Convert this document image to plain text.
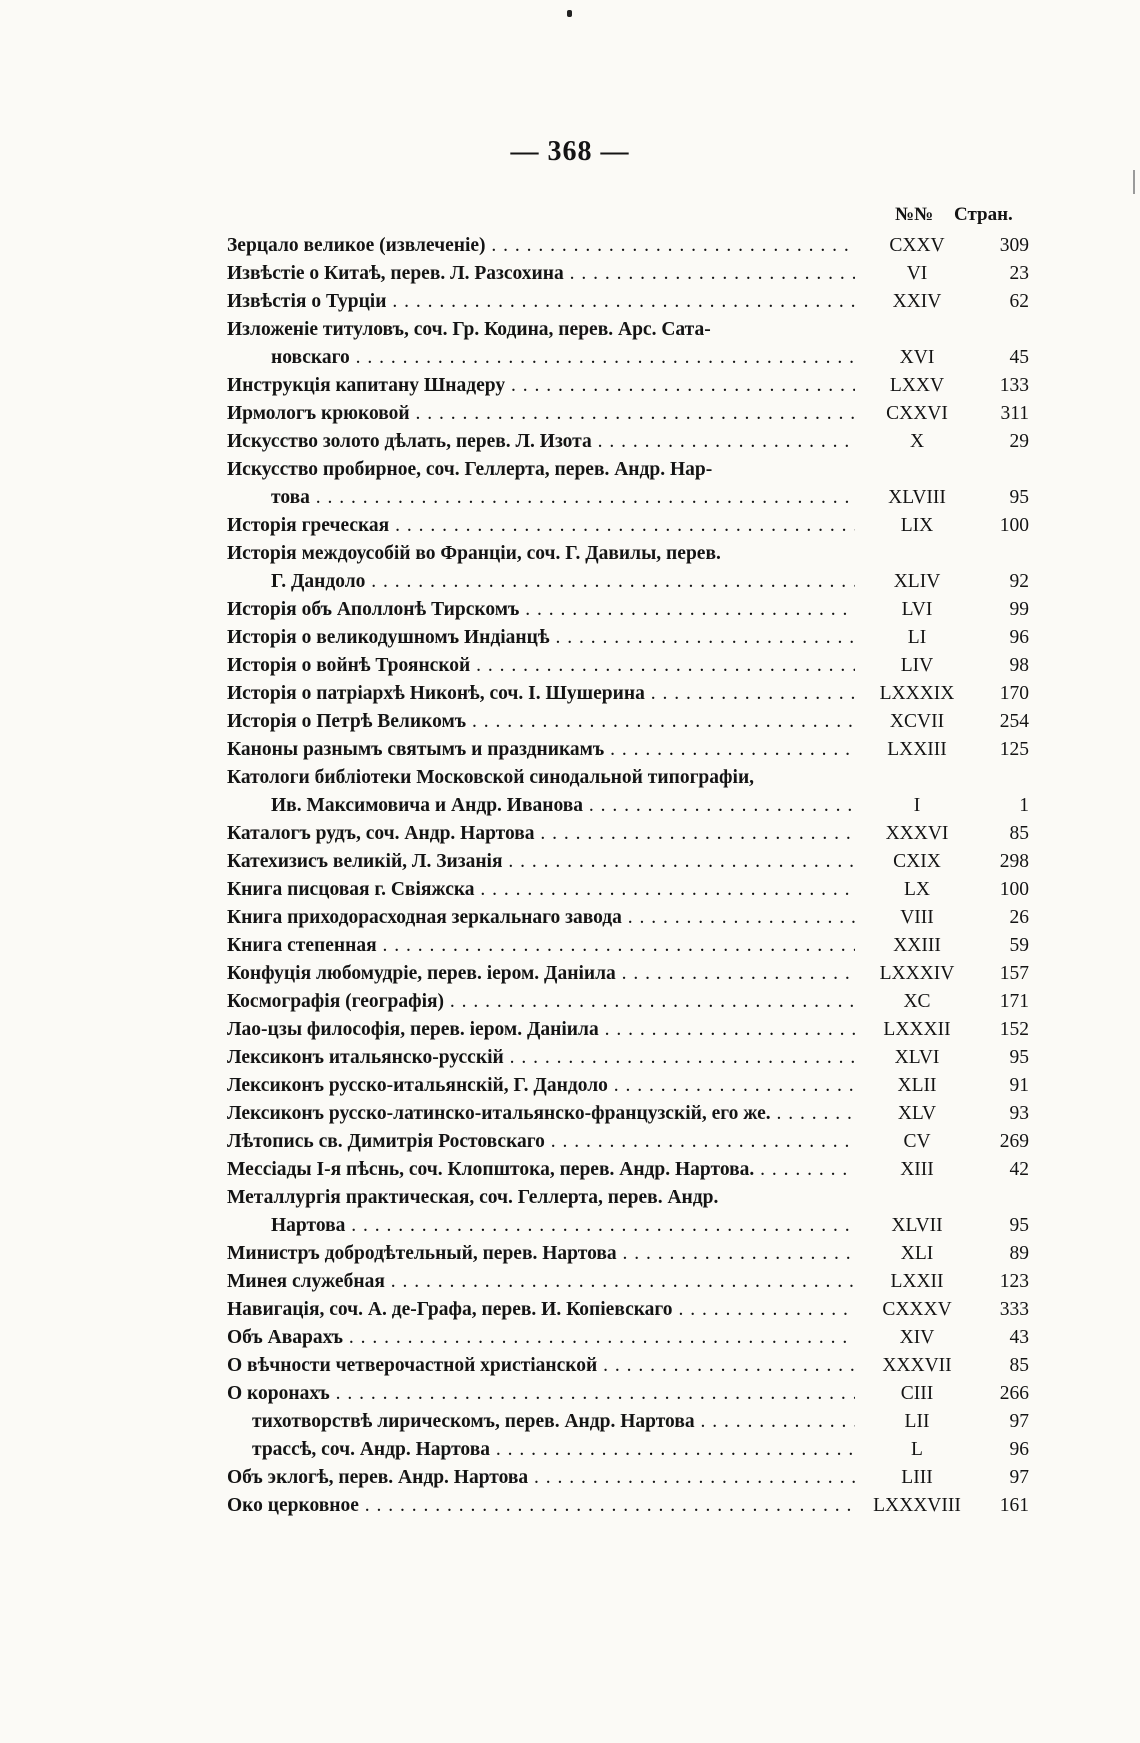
— 368 —
№№ Стран.
Зерцало великое (извлеченіе) . . .	CXXV	309
Извѣстіе о Китаѣ, перев. Л. Разсохина . . .	VI	23
Извѣстія о Турціи . . .	XXIV	62
Изложеніе титуловъ, соч. Гр. Кодина, перев. Арс. Сата-
новскаго . . .	XVI	45
Инструкція капитану Шнадеру . . .	LXXV	133
Ирмологъ крюковой . . .	CXXVI	311
Искусство золото дѣлать, перев. Л. Изота . . .	X	29
Искусство пробирное, соч. Геллерта, перев. Андр. Нар-
това . . .	XLVIII	95
Исторія греческая . . .	LIX	100
Исторія междоусобій во Франціи, соч. Г. Давилы, перев.
Г. Дандоло . . .	XLIV	92
Исторія объ Аполлонѣ Тирскомъ . . .	LVI	99
Исторія о великодушномъ Индіанцѣ . . .	LI	96
Исторія о войнѣ Троянской . . .	LIV	98
Исторія о патріархѣ Никонѣ, соч. І. Шушерина . . .	LXXXIX	170
Исторія о Петрѣ Великомъ . . .	XCVII	254
Каноны разнымъ святымъ и праздникамъ . . .	LXXIII	125
Катологи библіотеки Московской синодальной типографіи,
Ив. Максимовича и Андр. Иванова . . .	I	1
Каталогъ рудъ, соч. Андр. Нартова . . .	XXXVI	85
Катехизисъ великій, Л. Зизанія . . .	CXIX	298
Книга писцовая г. Свіяжска . . .	LX	100
Книга приходорасходная зеркальнаго завода . . .	VIII	26
Книга степенная . . .	XXIII	59
Конфуція любомудріе, перев. іером. Даніила . . .	LXXXIV	157
Космографія (географія) . . .	XC	171
Лао-цзы философія, перев. іером. Даніила . . .	LXXXII	152
Лексиконъ итальянско-русскій . . .	XLVI	95
Лексиконъ русско-итальянскій, Г. Дандоло . . .	XLII	91
Лексиконъ русско-латинско-итальянско-французскій, его же. . . .	XLV	93
Лѣтопись св. Димитрія Ростовскаго . . .	CV	269
Мессіады І-я пѣснь, соч. Клопштока, перев. Андр. Нартова. . . .	XIII	42
Металлургія практическая, соч. Геллерта, перев. Андр.
Нартова . . .	XLVII	95
Министръ добродѣтельный, перев. Нартова . . .	XLI	89
Минея служебная . . .	LXXII	123
Навигація, соч. А. де-Графа, перев. И. Копіевскаго . . .	CXXXV	333
Объ Аварахъ . . .	XIV	43
О вѣчности четверочастной христіанской . . .	XXXVII	85
О коронахъ . . .	CIII	266
тихотворствѣ лирическомъ, перев. Андр. Нартова . . .	LII	97
трассѣ, соч. Андр. Нартова . . .	L	96
Объ эклогѣ, перев. Андр. Нартова . . .	LIII	97
Око церковное . . .	LXXXVIII	161
